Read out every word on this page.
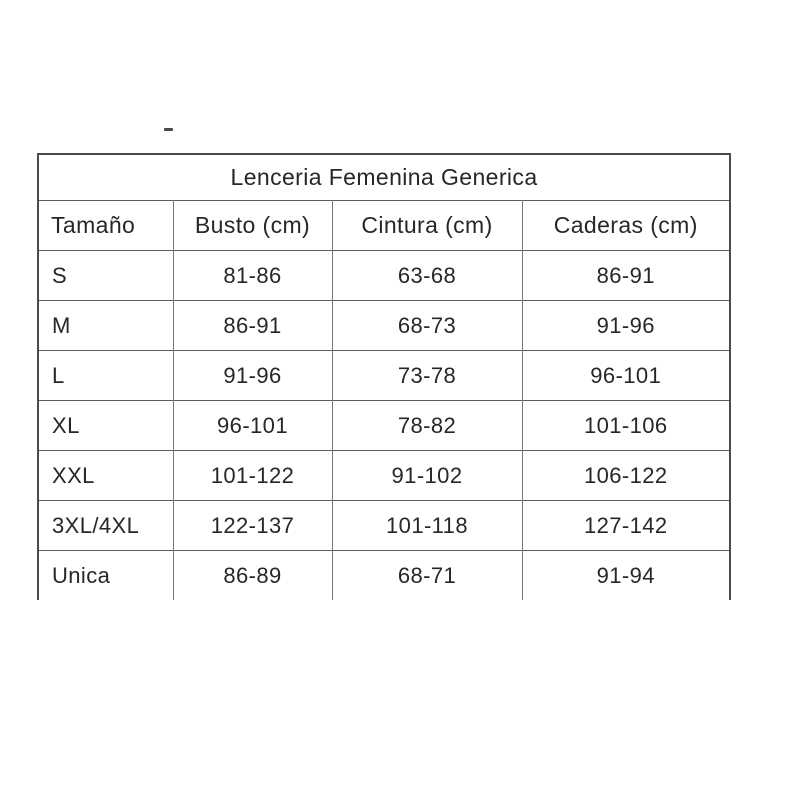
Lenceria Femenina Generica			
Tamaño	Busto (cm)	Cintura (cm)	Caderas (cm)
S	81-86	63-68	86-91
M	86-91	68-73	91-96
L	91-96	73-78	96-101
XL	96-101	78-82	101-106
XXL	101-122	91-102	106-122
3XL/4XL	122-137	101-118	127-142
Unica	86-89	68-71	91-94
